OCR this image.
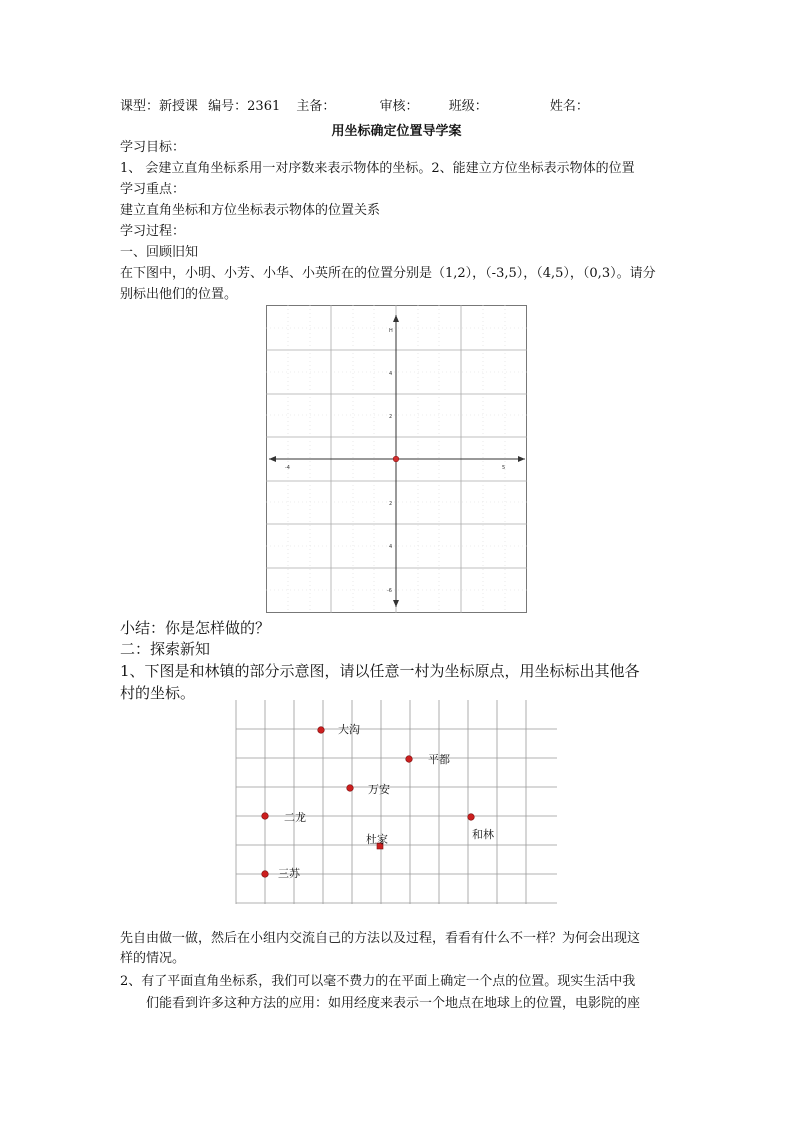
课型：新授课 编号：2361 主备：	审核： 班级：	姓名：
用坐标确定位置导学案
学习目标：
1、 会建立直角坐标系用一对序数来表示物体的坐标。2、能建立方位坐标表示物体的位置
学习重点：
建立直角坐标和方位坐标表示物体的位置关系
学习过程：
一、回顾旧知
在下图中，小明、小芳、小华、小英所在的位置分别是（1,2），（-3,5），（4,5），（0,3）。请分
别标出他们的位置。
H
4
2
2
4
-6
-4	5
小结：你是怎样做的？
二：探索新知
1、下图是和林镇的部分示意图，请以任意一村为坐标原点，用坐标标出其他各
村的坐标。
大沟
平都
万安
二龙
杜家	和林
三苏
先自由做一做，然后在小组内交流自己的方法以及过程，看看有什么不一样？为何会出现这
样的情况。
2、有了平面直角坐标系，我们可以毫不费力的在平面上确定一个点的位置。现实生活中我
们能看到许多这种方法的应用：如用经度来表示一个地点在地球上的位置，电影院的座
